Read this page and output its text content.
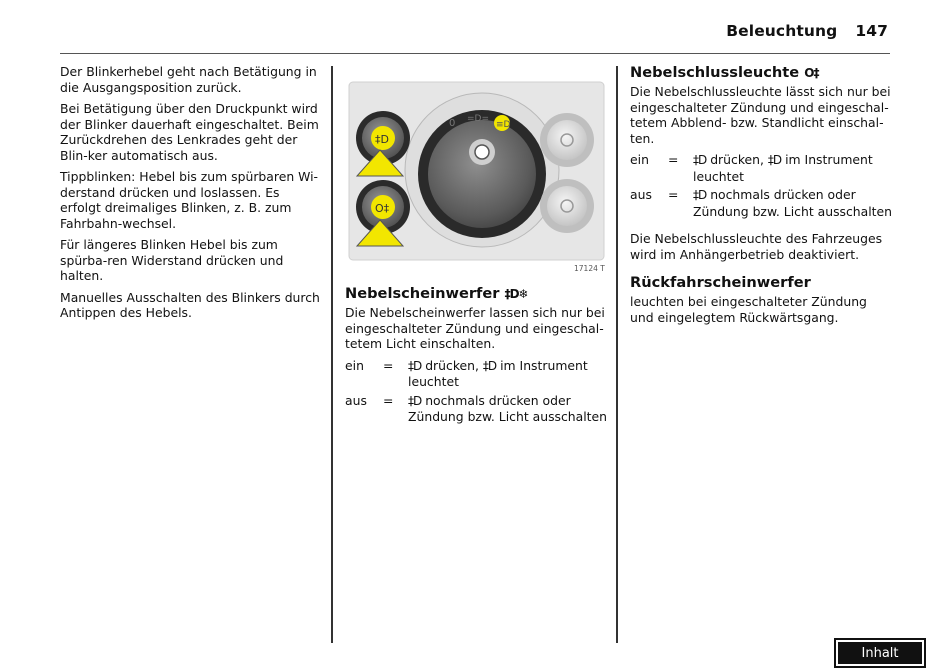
Beleuchtung 147

Der Blinkerhebel geht nach Betätigung in die Ausgangsposition zurück.

Bei Betätigung über den Druckpunkt wird der Blinker dauerhaft eingeschaltet. Beim Zurückdrehen des Lenkrades geht der Blin-ker automatisch aus.

Tippblinken: Hebel bis zum spürbaren Wi-derstand drücken und loslassen. Es erfolgt dreimaliges Blinken, z. B. zum Fahrbahn-wechsel.

Für längeres Blinken Hebel bis zum spürba-ren Widerstand drücken und halten.

Manuelles Ausschalten des Blinkers durch Antippen des Hebels.

0 =D=
≡D
‡D
O‡
17124 T
Nebelscheinwerfer ‡D❄

Die Nebelscheinwerfer lassen sich nur bei eingeschalteter Zündung und eingeschal-tetem Licht einschalten.

ein	=	‡D drücken, ‡D im Instrument leuchtet
aus	=	‡D nochmals drücken oder Zündung bzw. Licht ausschalten
Nebelschlussleuchte O‡

Die Nebelschlussleuchte lässt sich nur bei eingeschalteter Zündung und eingeschal-tetem Abblend- bzw. Standlicht einschal-ten.

ein	=	‡D drücken, ‡D im Instrument leuchtet
aus	=	‡D nochmals drücken oder Zündung bzw. Licht ausschalten

Die Nebelschlussleuchte des Fahrzeuges wird im Anhängerbetrieb deaktiviert.

Rückfahrscheinwerfer

leuchten bei eingeschalteter Zündung und eingelegtem Rückwärtsgang.

Inhalt
